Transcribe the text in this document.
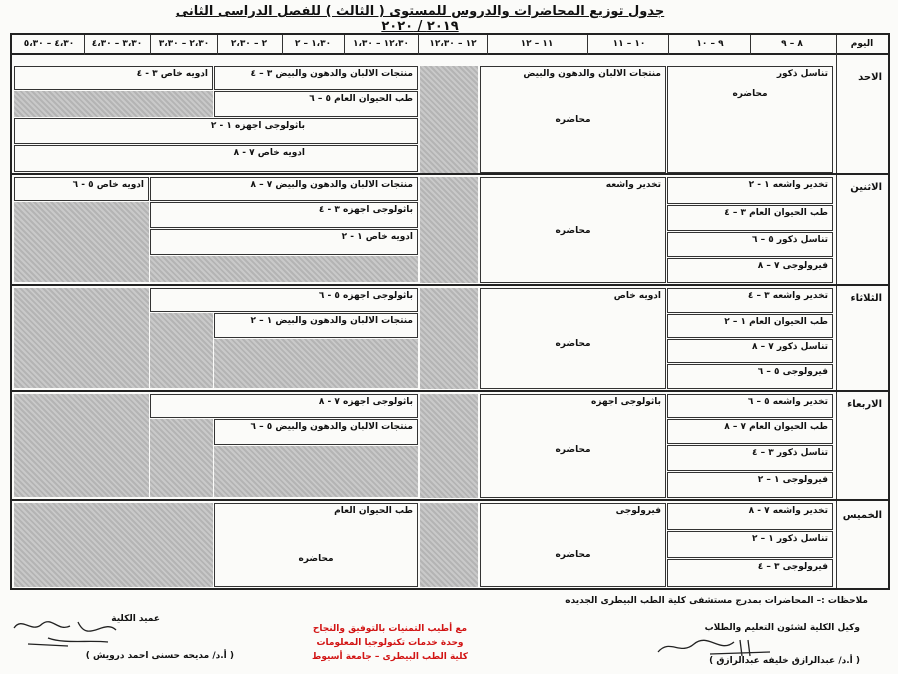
جدول توزيع المحاضرات والدروس للمستوى ( الثالث ) للفصل الدراسى الثانى ٢٠١٩ / ٢٠٢٠
اليوم
٨ – ٩
٩ – ١٠
١٠ – ١١
١١ – ١٢
١٢ – ١٢،٣٠
١٢،٣٠ – ١،٣٠
١،٣٠ – ٢
٢ – ٢،٣٠
٢،٣٠ – ٣،٣٠
٣،٣٠ – ٤،٣٠
٤،٣٠ – ٥،٣٠
الاحد
الاثنين
الثلاثاء
الاربعاء
الخميس
تناسل ذكور
محاضره
منتجات الالبان والدهون والبيض
محاضره
منتجات الالبان والدهون والبيض ٣ – ٤
ادويه خاص ٣ - ٤
طب الحيوان العام ٥ – ٦
باثولوجى اجهزه ١ - ٢
ادويه خاص ٧ - ٨
تخدير واشعه ١ - ٢
طب الحيوان العام ٣ – ٤
تناسل ذكور ٥ – ٦
فيرولوجى ٧ – ٨
تخدير واشعه
محاضره
منتجات الالبان والدهون والبيض ٧ – ٨
ادويه خاص ٥ - ٦
باثولوجى اجهزه ٣ - ٤
ادويه خاص ١ - ٢
تخدير واشعه ٣ – ٤
طب الحيوان العام ١ – ٢
تناسل ذكور ٧ – ٨
فيرولوجى ٥ – ٦
ادويه خاص
محاضره
باثولوجى اجهزه ٥ - ٦
منتجات الالبان والدهون والبيض ١ – ٢
تخدير واشعه ٥ – ٦
طب الحيوان العام ٧ – ٨
تناسل ذكور ٣ – ٤
فيرولوجى ١ – ٢
باثولوجى اجهزه
محاضره
باثولوجى اجهزه ٧ - ٨
منتجات الالبان والدهون والبيض ٥ – ٦
تخدير واشعه ٧ - ٨
تناسل ذكور ١ – ٢
فيرولوجى ٣ – ٤
فيرولوجى
محاضره
طب الحيوان العام
محاضره
ملاحظات :– المحاضرات بمدرج مستشفى كلية الطب البيطرى الجديده
وكيل الكلية لشئون التعليم والطلاب
( أ.د/ عبدالرازق خليفه عبدالرازق )
مع أطيب التمنيات بالتوفيق والنجاح
وحدة خدمات تكنولوجيا المعلومات
كلية الطب البيطرى – جامعة أسيوط
عميد الكلية
( أ.د/ مديحه حسنى احمد درويش )
